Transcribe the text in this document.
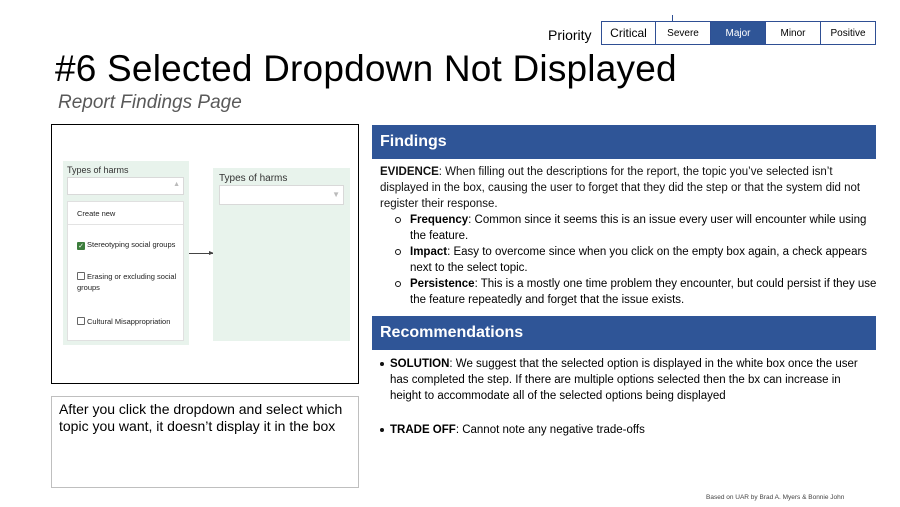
Priority	Critical	Severe	Major	Minor	Positive
#6 Selected Dropdown Not Displayed
Report Findings Page
Types of harms
▲
Create new
✓ Stereotyping social groups
Erasing or excluding social groups
Cultural Misappropriation
Types of harms
▼
After you click the dropdown and select which topic you want, it doesn’t display it in the box
Findings
EVIDENCE: When filling out the descriptions for the report, the topic you’ve selected isn’t displayed in the box, causing the user to forget that they did the step or that the system did not register their response.
Frequency: Common since it seems this is an issue every user will encounter while using the feature.
Impact: Easy to overcome since when you click on the empty box again, a check appears next to the select topic.
Persistence: This is a mostly one time problem they encounter, but could persist if they use the feature repeatedly and forget that the issue exists.
Recommendations
SOLUTION: We suggest that the selected option is displayed in the white box once the user has completed the step. If there are multiple options selected then the bx can increase in height to accommodate all of the selected options being displayed
TRADE OFF: Cannot note any negative trade-offs
Based on UAR by Brad A. Myers & Bonnie John
